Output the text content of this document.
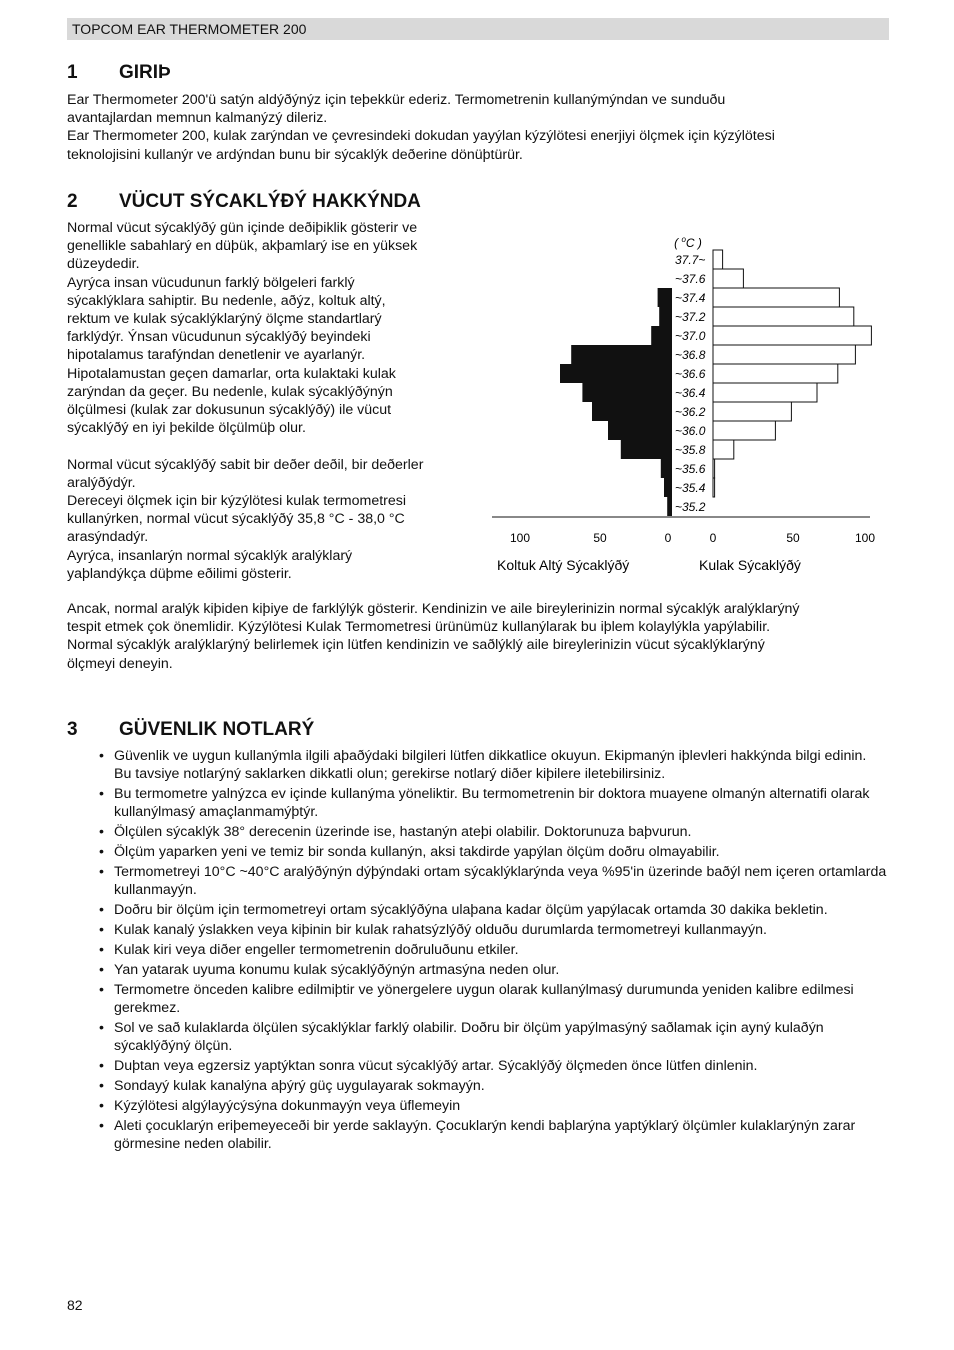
TOPCOM EAR THERMOMETER 200
1 GIRIÞ

Ear Thermometer 200'ü satýn aldýðýnýz için teþekkür ederiz. Termometrenin kullanýmýndan ve sunduðu

avantajlardan memnun kalmanýzý dileriz.

Ear Thermometer 200, kulak zarýndan ve çevresindeki dokudan yayýlan kýzýlötesi enerjiyi ölçmek için kýzýlötesi

teknolojisini kullanýr ve ardýndan bunu bir sýcaklýk deðerine dönüþtürür.

2 VÜCUT SÝCAKLÝÐÝ HAKKÝNDA

Normal vücut sýcaklýðý gün içinde deðiþiklik gösterir ve

genellikle sabahlarý en düþük, akþamlarý ise en yüksek

düzeydedir.

Ayrýca insan vücudunun farklý bölgeleri farklý

sýcaklýklara sahiptir. Bu nedenle, aðýz, koltuk altý,

rektum ve kulak sýcaklýklarýný ölçme standartlarý

farklýdýr. Ýnsan vücudunun sýcaklýðý beyindeki

hipotalamus tarafýndan denetlenir ve ayarlanýr.

Hipotalamustan geçen damarlar, orta kulaktaki kulak

zarýndan da geçer. Bu nedenle, kulak sýcaklýðýnýn

ölçülmesi (kulak zar dokusunun sýcaklýðý) ile vücut

sýcaklýðý en iyi þekilde ölçülmüþ olur.

Normal vücut sýcaklýðý sabit bir deðer deðil, bir deðerler

aralýðýdýr.

Dereceyi ölçmek için bir kýzýlötesi kulak termometresi

kullanýrken, normal vücut sýcaklýðý 35,8 °C - 38,0 °C

arasýndadýr.

Ayrýca, insanlarýn normal sýcaklýk aralýklarý

yaþlandýkça düþme eðilimi gösterir.

( $^o$C )
37.7~
~37.6
~37.4
~37.2
~37.0
~36.8
~36.6
~36.4
~36.2
~36.0
~35.8
~35.6
~35.4
~35.2
100	50	0	0	50	100
Koltuk Altý Sýcaklýðý	Kulak Sýcaklýðý

Ancak, normal aralýk kiþiden kiþiye de farklýlýk gösterir. Kendinizin ve aile bireylerinizin normal sýcaklýk aralýklarýný

tespit etmek çok önemlidir. Kýzýlötesi Kulak Termometresi ürünümüz kullanýlarak bu iþlem kolaylýkla yapýlabilir.

Normal sýcaklýk aralýklarýný belirlemek için lütfen kendinizin ve saðlýklý aile bireylerinizin vücut sýcaklýklarýný

ölçmeyi deneyin.

3 GÜVENLIK NOTLARÝ
• Güvenlik ve uygun kullanýmla ilgili aþaðýdaki bilgileri lütfen dikkatlice okuyun. Ekipmanýn iþlevleri hakkýnda bilgi edinin. Bu tavsiye notlarýný saklarken dikkatli olun; gerekirse notlarý diðer kiþilere iletebilirsiniz.
• Bu termometre yalnýzca ev içinde kullanýma yöneliktir. Bu termometrenin bir doktora muayene olmanýn alternatifi olarak kullanýlmasý amaçlanmamýþtýr.
• Ölçülen sýcaklýk 38° derecenin üzerinde ise, hastanýn ateþi olabilir. Doktorunuza baþvurun.
• Ölçüm yaparken yeni ve temiz bir sonda kullanýn, aksi takdirde yapýlan ölçüm doðru olmayabilir.
• Termometreyi 10°C ~40°C aralýðýnýn dýþýndaki ortam sýcaklýklarýnda veya %95'in üzerinde baðýl nem içeren ortamlarda kullanmayýn.
• Doðru bir ölçüm için termometreyi ortam sýcaklýðýna ulaþana kadar ölçüm yapýlacak ortamda 30 dakika bekletin.
• Kulak kanalý ýslakken veya kiþinin bir kulak rahatsýzlýðý olduðu durumlarda termometreyi kullanmayýn.
• Kulak kiri veya diðer engeller termometrenin doðruluðunu etkiler.
• Yan yatarak uyuma konumu kulak sýcaklýðýnýn artmasýna neden olur.
• Termometre önceden kalibre edilmiþtir ve yönergelere uygun olarak kullanýlmasý durumunda yeniden kalibre edilmesi gerekmez.
• Sol ve sað kulaklarda ölçülen sýcaklýklar farklý olabilir. Doðru bir ölçüm yapýlmasýný saðlamak için ayný kulaðýn sýcaklýðýný ölçün.
• Duþtan veya egzersiz yaptýktan sonra vücut sýcaklýðý artar. Sýcaklýðý ölçmeden önce lütfen dinlenin.
• Sondayý kulak kanalýna aþýrý güç uygulayarak sokmayýn.
• Kýzýlötesi algýlayýcýsýna dokunmayýn veya üflemeyin
• Aleti çocuklarýn eriþemeyeceði bir yerde saklayýn. Çocuklarýn kendi baþlarýna yaptýklarý ölçümler kulaklarýnýn zarar görmesine neden olabilir.
82
